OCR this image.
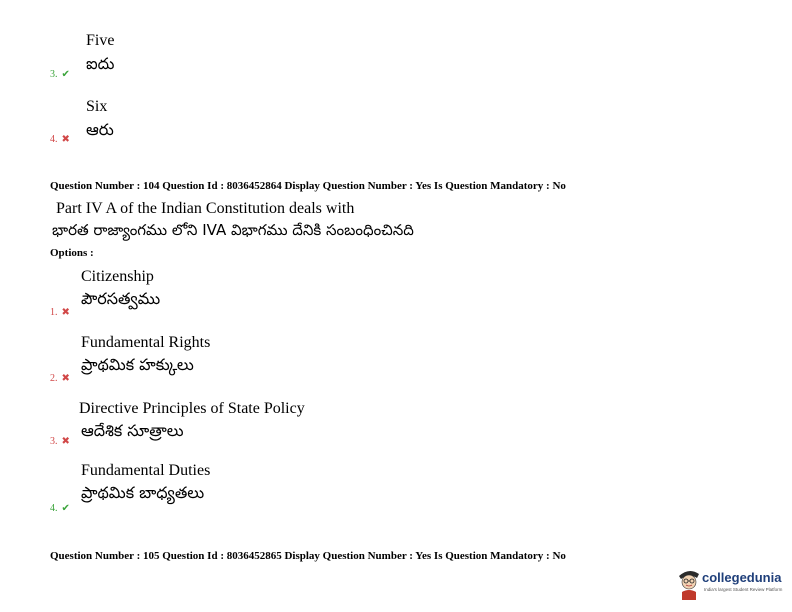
Five
ఐదు
3. ✔
Six
ఆరు
4. ✖
Question Number : 104 Question Id : 8036452864 Display Question Number : Yes Is Question Mandatory : No
Part IV A of the Indian Constitution deals with
భారత రాజ్యాంగము లోని IVA విభాగము దేనికి సంబంధించినది
Options :
Citizenship
పౌరసత్వము
1. ✖
Fundamental Rights
ప్రాథమిక హక్కులు
2. ✖
Directive Principles of State Policy
ఆదేశిక సూత్రాలు
3. ✖
Fundamental Duties
ప్రాథమిక బాధ్యతలు
4. ✔
Question Number : 105 Question Id : 8036452865 Display Question Number : Yes Is Question Mandatory : No
collegedunia
India's largest Student Review Platform
